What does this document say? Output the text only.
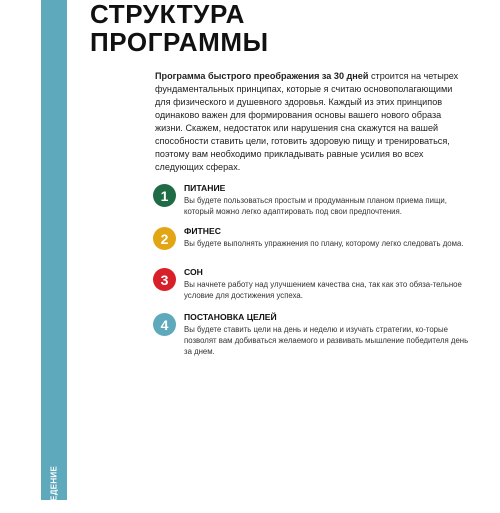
ВВЕДЕНИЕ
СТРУКТУРА
ПРОГРАММЫ

Программа быстрого преображения за 30 дней строится на четырех фундаментальных принципах, которые я считаю основополагающими для физического и душевного здоровья. Каждый из этих принципов одинаково важен для формирования основы вашего нового образа жизни. Скажем, недостаток или нарушения сна скажутся на вашей способности ставить цели, готовить здоровую пищу и тренироваться, поэтому вам необходимо прикладывать равные усилия во всех следующих сферах.

1	ПИТАНИЕ

Вы будете пользоваться простым и продуманным планом приема пищи, который можно легко адаптировать под свои предпочтения.

2	ФИТНЕС

Вы будете выполнять упражнения по плану, которому легко следовать дома.

3	СОН

Вы начнете работу над улучшением качества сна, так как это обяза-тельное условие для достижения успеха.

4	ПОСТАНОВКА ЦЕЛЕЙ

Вы будете ставить цели на день и неделю и изучать стратегии, ко-торые позволят вам добиваться желаемого и развивать мышление победителя день за днем.
